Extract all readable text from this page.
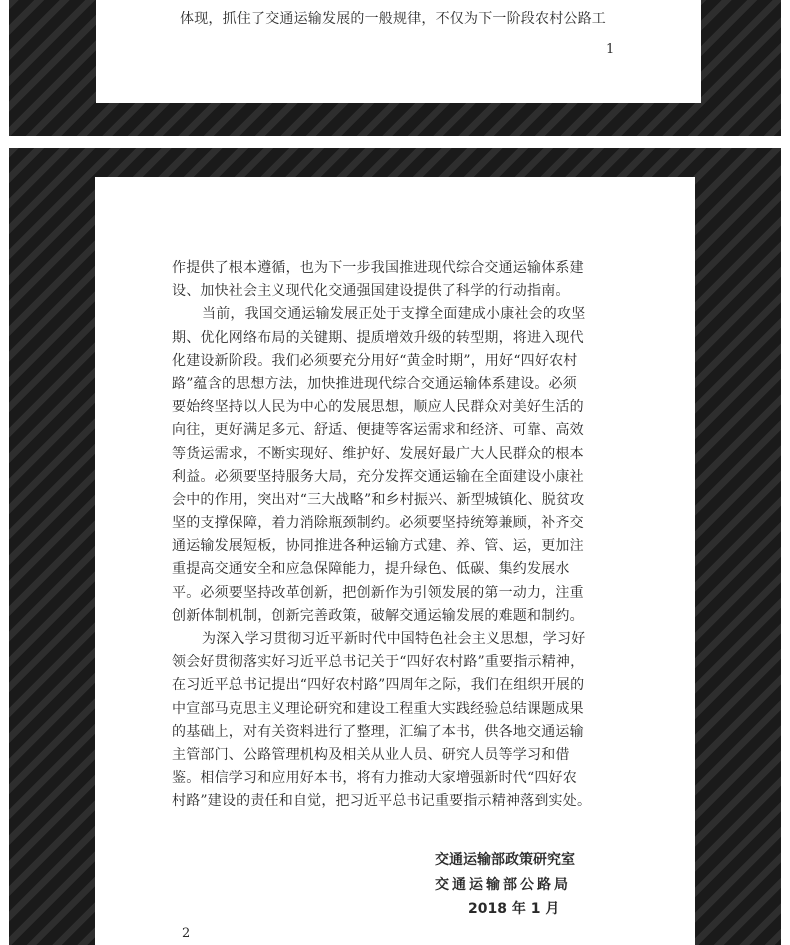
体现，抓住了交通运输发展的一般规律，不仅为下一阶段农村公路工
1
作提供了根本遵循，也为下一步我国推进现代综合交通运输体系建
设、加快社会主义现代化交通强国建设提供了科学的行动指南。
当前，我国交通运输发展正处于支撑全面建成小康社会的攻坚
期、优化网络布局的关键期、提质增效升级的转型期，将进入现代
化建设新阶段。我们必须要充分用好“黄金时期”，用好“四好农村
路”蕴含的思想方法，加快推进现代综合交通运输体系建设。必须
要始终坚持以人民为中心的发展思想，顺应人民群众对美好生活的
向往，更好满足多元、舒适、便捷等客运需求和经济、可靠、高效
等货运需求，不断实现好、维护好、发展好最广大人民群众的根本
利益。必须要坚持服务大局，充分发挥交通运输在全面建设小康社
会中的作用，突出对“三大战略”和乡村振兴、新型城镇化、脱贫攻
坚的支撑保障，着力消除瓶颈制约。必须要坚持统筹兼顾，补齐交
通运输发展短板，协同推进各种运输方式建、养、管、运，更加注
重提高交通安全和应急保障能力，提升绿色、低碳、集约发展水
平。必须要坚持改革创新，把创新作为引领发展的第一动力，注重
创新体制机制，创新完善政策，破解交通运输发展的难题和制约。
为深入学习贯彻习近平新时代中国特色社会主义思想，学习好
领会好贯彻落实好习近平总书记关于“四好农村路”重要指示精神，
在习近平总书记提出“四好农村路”四周年之际，我们在组织开展的
中宣部马克思主义理论研究和建设工程重大实践经验总结课题成果
的基础上，对有关资料进行了整理，汇编了本书，供各地交通运输
主管部门、公路管理机构及相关从业人员、研究人员等学习和借
鉴。相信学习和应用好本书，将有力推动大家增强新时代“四好农
村路”建设的责任和自觉，把习近平总书记重要指示精神落到实处。
交通运输部政策研究室
交通运输部公路局
2018 年 1 月
2
